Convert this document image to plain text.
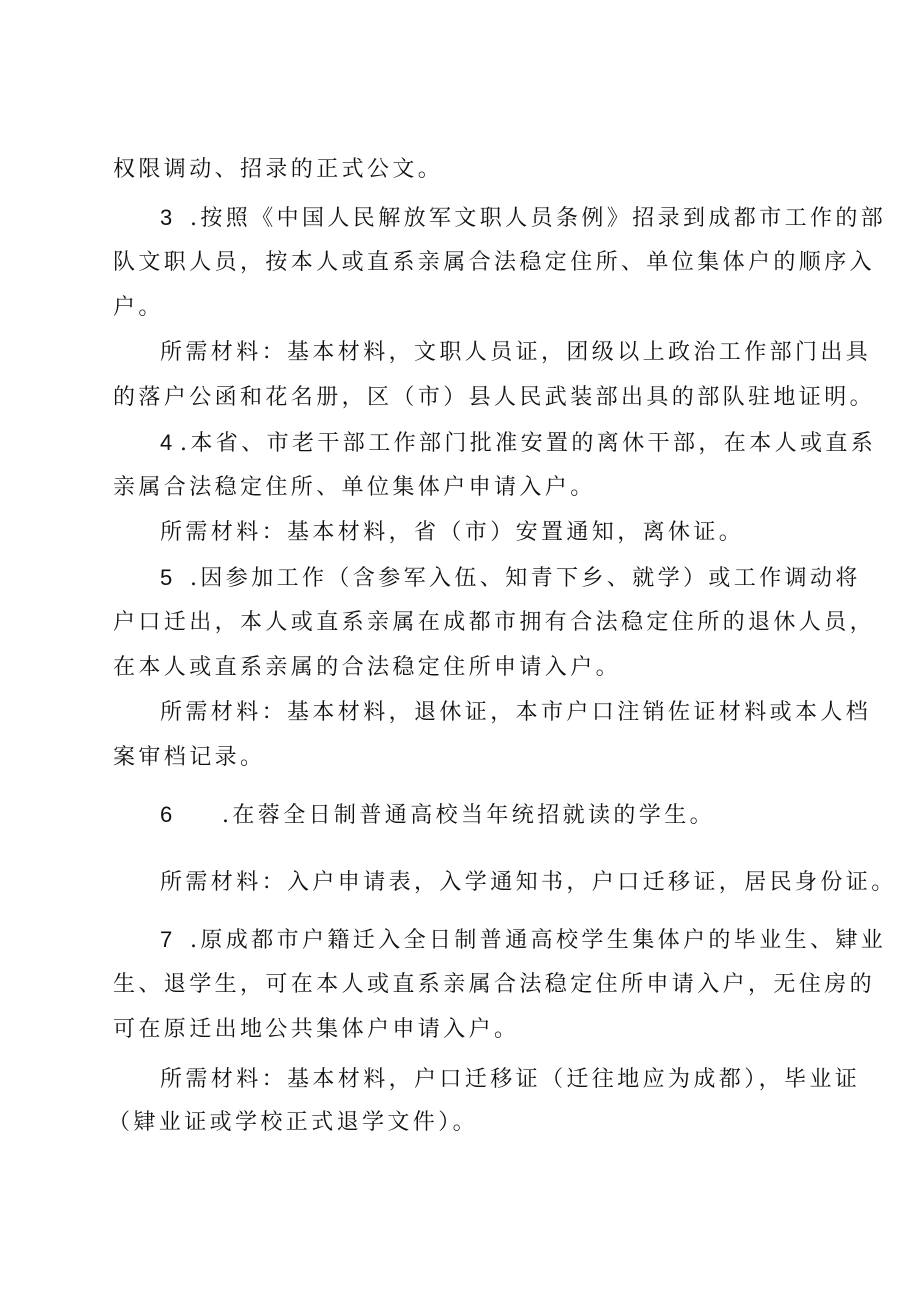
权限调动、招录的正式公文。

3 .按照《中国人民解放军文职人员条例》招录到成都市工作的部

队文职人员，按本人或直系亲属合法稳定住所、单位集体户的顺序入

户。

所需材料：基本材料，文职人员证，团级以上政治工作部门出具

的落户公函和花名册，区（市）县人民武装部出具的部队驻地证明。

4 .本省、市老干部工作部门批准安置的离休干部，在本人或直系

亲属合法稳定住所、单位集体户申请入户。

所需材料：基本材料，省（市）安置通知，离休证。

5 .因参加工作（含参军入伍、知青下乡、就学）或工作调动将

户口迁出，本人或直系亲属在成都市拥有合法稳定住所的退休人员，

在本人或直系亲属的合法稳定住所申请入户。

所需材料：基本材料，退休证，本市户口注销佐证材料或本人档

案审档记录。

6 .在蓉全日制普通高校当年统招就读的学生。

所需材料：入户申请表，入学通知书，户口迁移证，居民身份证。

7 .原成都市户籍迁入全日制普通高校学生集体户的毕业生、肄业

生、退学生，可在本人或直系亲属合法稳定住所申请入户，无住房的

可在原迁出地公共集体户申请入户。

所需材料：基本材料，户口迁移证（迁往地应为成都），毕业证

（肄业证或学校正式退学文件）。
